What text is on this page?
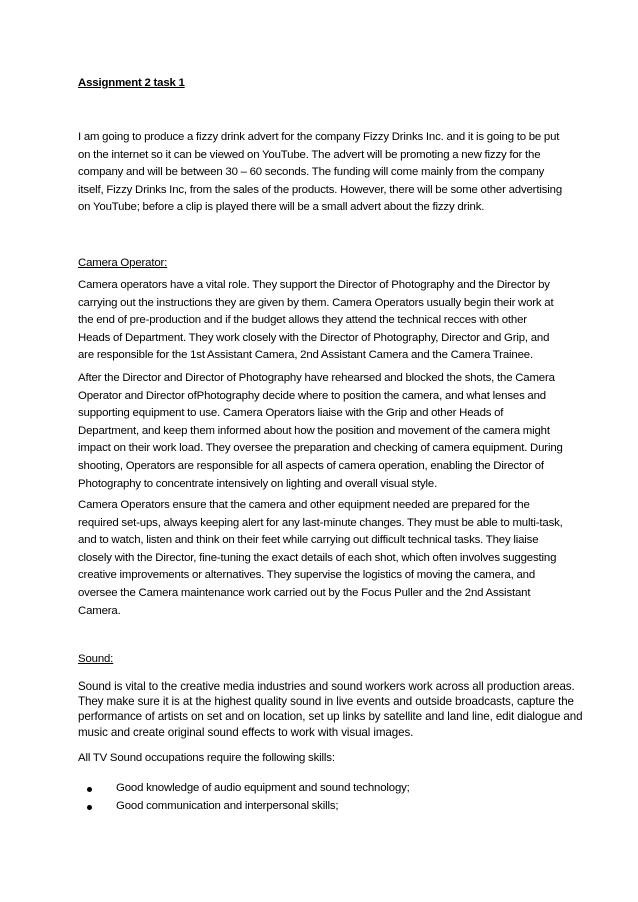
Assignment 2 task 1

I am going to produce a fizzy drink advert for the company Fizzy Drinks Inc. and it is going to be put
on the internet so it can be viewed on YouTube. The advert will be promoting a new fizzy for the
company and will be between 30 – 60 seconds. The funding will come mainly from the company
itself, Fizzy Drinks Inc, from the sales of the products. However, there will be some other advertising
on YouTube; before a clip is played there will be a small advert about the fizzy drink.

Camera Operator:

Camera operators have a vital role. They support the Director of Photography and the Director by
carrying out the instructions they are given by them. Camera Operators usually begin their work at
the end of pre-production and if the budget allows they attend the technical recces with other
Heads of Department. They work closely with the Director of Photography, Director and Grip, and
are responsible for the 1st Assistant Camera, 2nd Assistant Camera and the Camera Trainee.

After the Director and Director of Photography have rehearsed and blocked the shots, the Camera
Operator and Director ofPhotography decide where to position the camera, and what lenses and
supporting equipment to use. Camera Operators liaise with the Grip and other Heads of
Department, and keep them informed about how the position and movement of the camera might
impact on their work load. They oversee the preparation and checking of camera equipment. During
shooting, Operators are responsible for all aspects of camera operation, enabling the Director of
Photography to concentrate intensively on lighting and overall visual style.

Camera Operators ensure that the camera and other equipment needed are prepared for the
required set-ups, always keeping alert for any last-minute changes. They must be able to multi-task,
and to watch, listen and think on their feet while carrying out difficult technical tasks. They liaise
closely with the Director, fine-tuning the exact details of each shot, which often involves suggesting
creative improvements or alternatives. They supervise the logistics of moving the camera, and
oversee the Camera maintenance work carried out by the Focus Puller and the 2nd Assistant
Camera.

Sound:

Sound is vital to the creative media industries and sound workers work across all production areas.
They make sure it is at the highest quality sound in live events and outside broadcasts, capture the
performance of artists on set and on location, set up links by satellite and land line, edit dialogue and
music and create original sound effects to work with visual images.

All TV Sound occupations require the following skills:

Good knowledge of audio equipment and sound technology;
Good communication and interpersonal skills;
